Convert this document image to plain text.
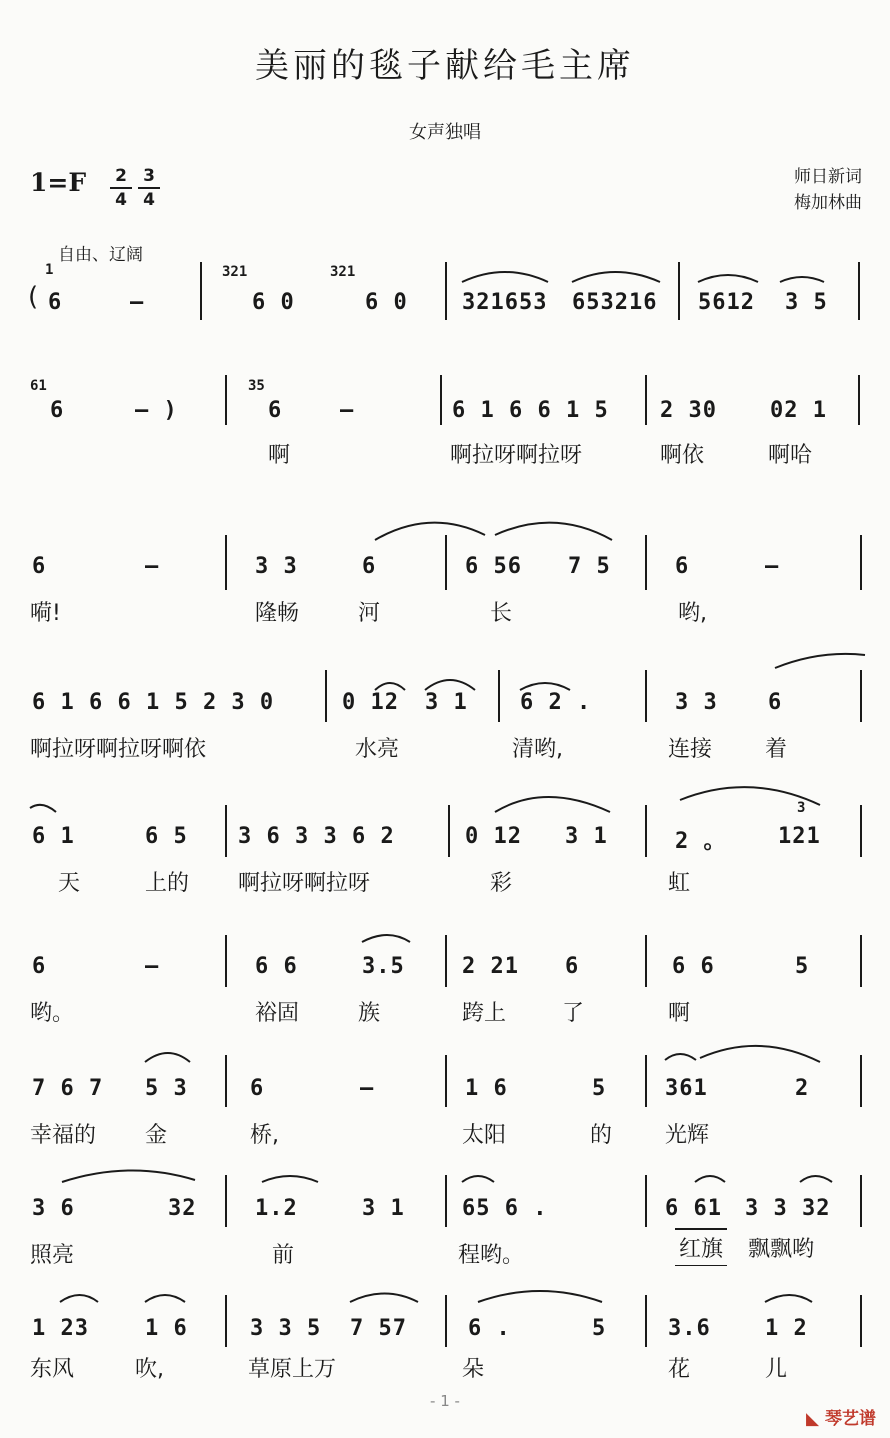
美丽的毯子献给毛主席
女声独唱
1=F 2
4
3
4
师日新词
梅加林曲
自由、辽阔
(
1
6	—
321
6 0
321
6 0 321653 653216 5612 3 5
61
6	— )
35
6	—	6 1 6 6 1 5 2 30 02 1
啊	啊拉呀啊拉呀	啊依	啊哈
6	—	3 3	6	6 56 7 5	6	—
嗬!	隆畅	河	长	哟,
6 1 6 6 1 5 2 3 0	0 12 3 1 6 2 .	3 3 6
啊拉呀啊拉呀啊依	水亮	清哟,	连接 着
6 1	6 5 3 6 3 3 6 2	0 12 3 1	2 。 121
3
天	上的 啊拉呀啊拉呀	彩	虹
6	—	6 6	3.5	2 21 6	6 6	5
哟。	裕固	族	跨上	了	啊
7 6 7 5 3	6	—	1 6	5	361	2
幸福的 金	桥,	太阳	的 光辉
3 6	32	1.2	3 1	65 6 .	6 61 3 3 32
照亮	前	程哟。	红旗 飘飘哟
1 23	1 6	3 3 5 7 57	6 .	5	3.6 1 2
东风	吹,	草原上万	朵	花	儿
- 1 -
◣ 琴艺谱
